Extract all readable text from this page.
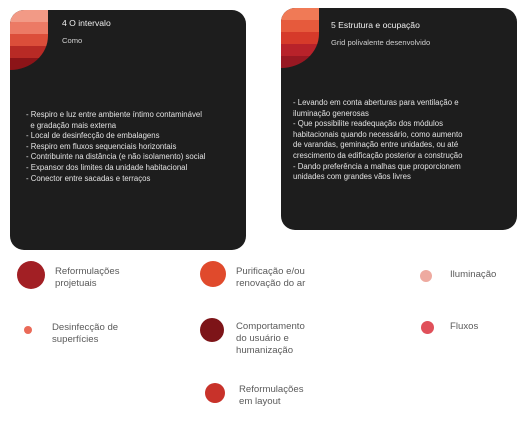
4 O intervalo
Como
- Respiro e luz entre ambiente íntimo contaminável
e gradação mais externa
- Local de desinfecção de embalagens
- Respiro em fluxos sequenciais horizontais
- Contribuinte na distância (e não isolamento) social
- Expansor dos limites da unidade habitacional
- Conector entre sacadas e terraços
5 Estrutura e ocupação
Grid polivalente desenvolvido
- Levando em conta aberturas para ventilação e
iluminação generosas
- Que possibilite readequação dos módulos
habitacionais quando necessário, como aumento
de varandas, geminação entre unidades, ou até
crescimento da edificação posterior a construção
- Dando preferência a malhas que proporcionem
unidades com grandes vãos livres
Reformulações
projetuais
Purificação e/ou
renovação do ar
Iluminação
Desinfecção de
superfícies
Comportamento
do usuário e
humanização
Fluxos
Reformulações
em layout
